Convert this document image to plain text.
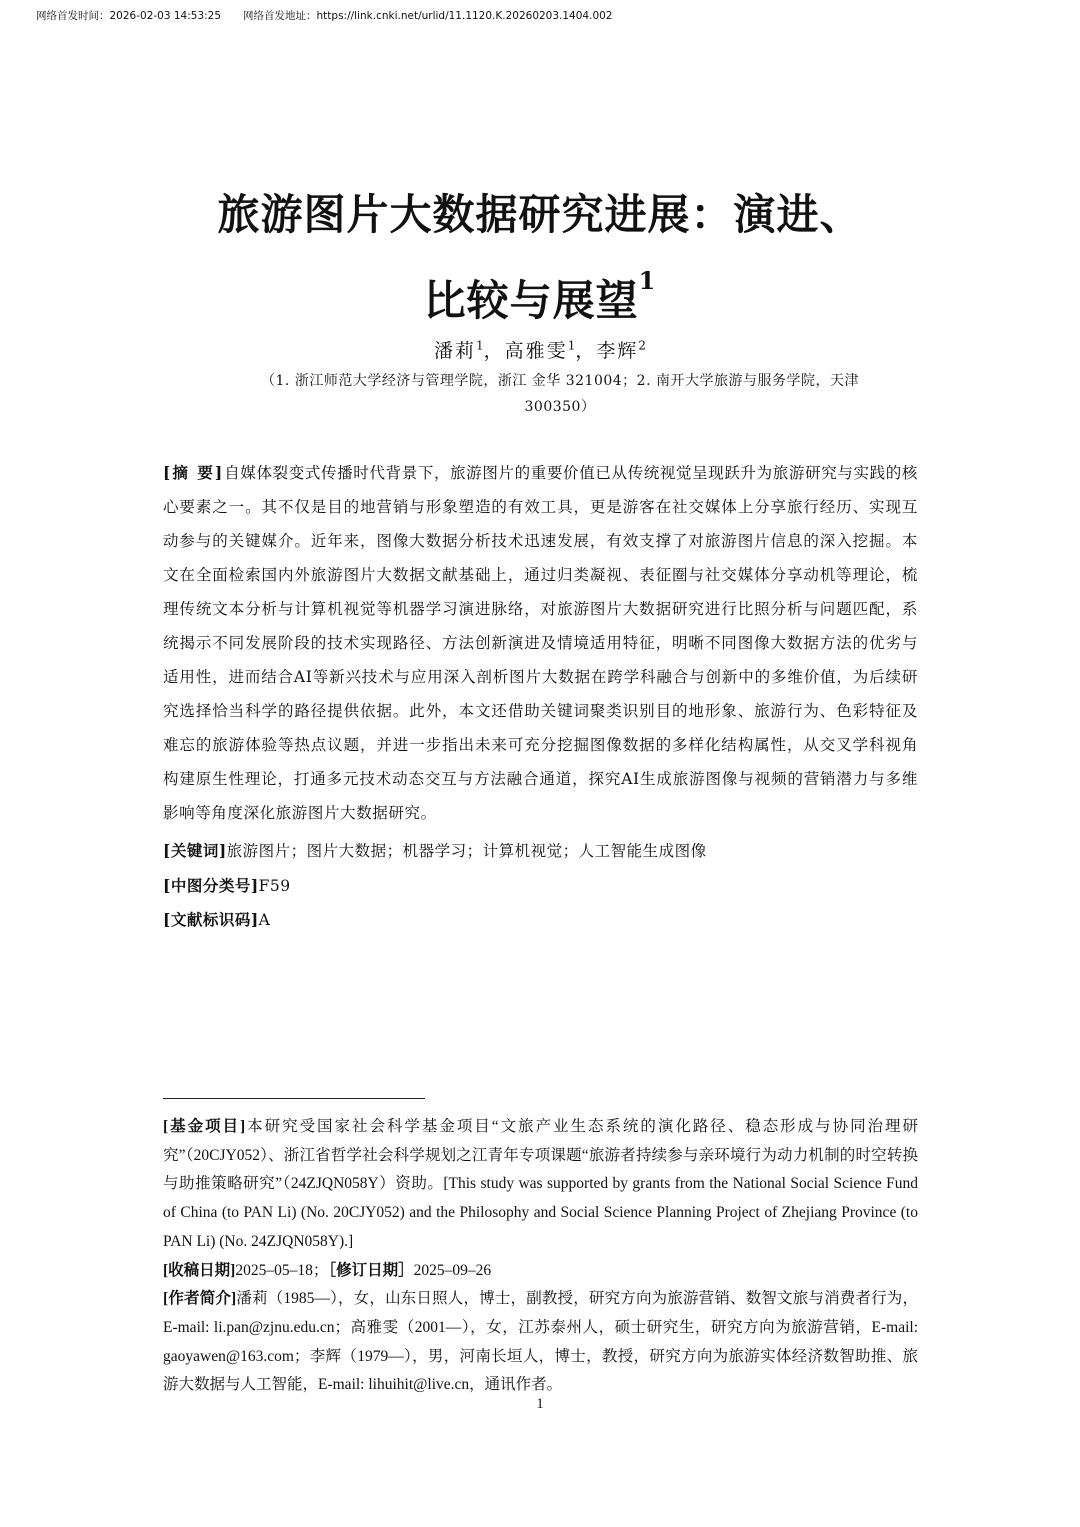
网络首发时间：2026-02-03 14:53:25 网络首发地址：https://link.cnki.net/urlid/11.1120.K.20260203.1404.002
旅游图片大数据研究进展：演进、
比较与展望$^1$
潘莉$^1$，高雅雯$^1$，李辉$^2$
（1. 浙江师范大学经济与管理学院，浙江 金华 321004；2. 南开大学旅游与服务学院，天津 300350）
[摘 要]自媒体裂变式传播时代背景下，旅游图片的重要价值已从传统视觉呈现跃升为旅游研究与实践的核心要素之一。其不仅是目的地营销与形象塑造的有效工具，更是游客在社交媒体上分享旅行经历、实现互动参与的关键媒介。近年来，图像大数据分析技术迅速发展，有效支撑了对旅游图片信息的深入挖掘。本文在全面检索国内外旅游图片大数据文献基础上，通过归类凝视、表征圈与社交媒体分享动机等理论，梳理传统文本分析与计算机视觉等机器学习演进脉络，对旅游图片大数据研究进行比照分析与问题匹配，系统揭示不同发展阶段的技术实现路径、方法创新演进及情境适用特征，明晰不同图像大数据方法的优劣与适用性，进而结合AI等新兴技术与应用深入剖析图片大数据在跨学科融合与创新中的多维价值，为后续研究选择恰当科学的路径提供依据。此外，本文还借助关键词聚类识别目的地形象、旅游行为、色彩特征及难忘的旅游体验等热点议题，并进一步指出未来可充分挖掘图像数据的多样化结构属性，从交叉学科视角构建原生性理论，打通多元技术动态交互与方法融合通道，探究AI生成旅游图像与视频的营销潜力与多维影响等角度深化旅游图片大数据研究。
[关键词]旅游图片；图片大数据；机器学习；计算机视觉；人工智能生成图像
[中图分类号]F59
[文献标识码]A

[基金项目]本研究受国家社会科学基金项目“文旅产业生态系统的演化路径、稳态形成与协同治理研究”（20CJY052）、浙江省哲学社会科学规划之江青年专项课题“旅游者持续参与亲环境行为动力机制的时空转换与助推策略研究”（24ZJQN058Y）资助。[This study was supported by grants from the National Social Science Fund of China (to PAN Li) (No. 20CJY052) and the Philosophy and Social Science Planning Project of Zhejiang Province (to PAN Li) (No. 24ZJQN058Y).]

[收稿日期]2025–05–18；［修订日期］2025–09–26

[作者简介]潘莉（1985—），女，山东日照人，博士，副教授，研究方向为旅游营销、数智文旅与消费者行为，E-mail: li.pan@zjnu.edu.cn；高雅雯（2001—），女，江苏泰州人，硕士研究生，研究方向为旅游营销，E-mail: gaoyawen@163.com；李辉（1979—），男，河南长垣人，博士，教授，研究方向为旅游实体经济数智助推、旅游大数据与人工智能，E-mail: lihuihit@live.cn，通讯作者。

1
